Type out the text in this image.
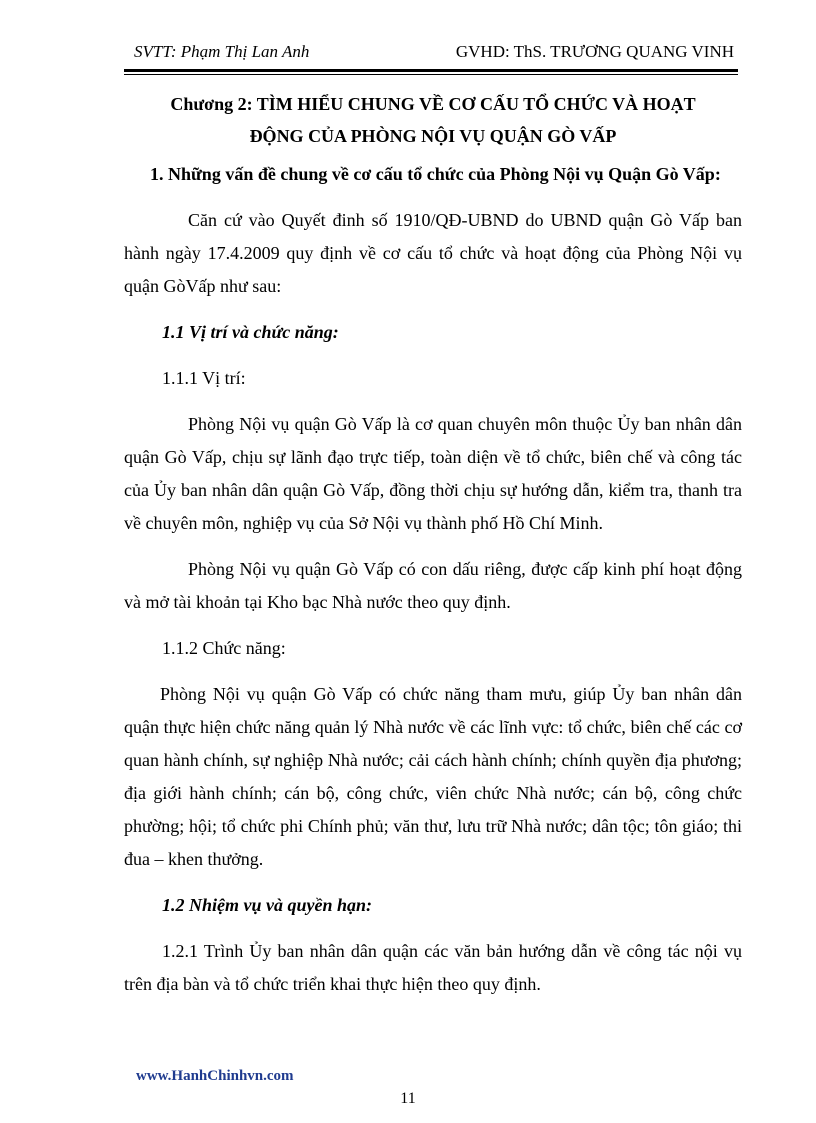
SVTT: Phạm Thị Lan Anh	GVHD: ThS. TRƯƠNG QUANG VINH
Chương 2: TÌM HIỂU CHUNG VỀ CƠ CẤU TỔ CHỨC VÀ HOẠT
ĐỘNG CỦA PHÒNG NỘI VỤ QUẬN GÒ VẤP

1. Những vấn đề chung về cơ cấu tổ chức của Phòng Nội vụ Quận Gò Vấp:

Căn cứ vào Quyết đinh số 1910/QĐ-UBND do UBND quận Gò Vấp ban hành ngày 17.4.2009 quy định về cơ cấu tổ chức và hoạt động của Phòng Nội vụ quận GòVấp như sau:

1.1 Vị trí và chức năng:

1.1.1 Vị trí:

Phòng Nội vụ quận Gò Vấp là cơ quan chuyên môn thuộc Ủy ban nhân dân quận Gò Vấp, chịu sự lãnh đạo trực tiếp, toàn diện về tổ chức, biên chế và công tác của Ủy ban nhân dân quận Gò Vấp, đồng thời chịu sự hướng dẫn, kiểm tra, thanh tra về chuyên môn, nghiệp vụ của Sở Nội vụ thành phố Hồ Chí Minh.

Phòng Nội vụ quận Gò Vấp có con dấu riêng, được cấp kinh phí hoạt động và mở tài khoản tại Kho bạc Nhà nước theo quy định.

1.1.2 Chức năng:

Phòng Nội vụ quận Gò Vấp có chức năng tham mưu, giúp Ủy ban nhân dân quận thực hiện chức năng quản lý Nhà nước về các lĩnh vực: tổ chức, biên chế các cơ quan hành chính, sự nghiệp Nhà nước; cải cách hành chính; chính quyền địa phương; địa giới hành chính; cán bộ, công chức, viên chức Nhà nước; cán bộ, công chức phường; hội; tổ chức phi Chính phủ; văn thư, lưu trữ Nhà nước; dân tộc; tôn giáo; thi đua – khen thưởng.

1.2 Nhiệm vụ và quyền hạn:

1.2.1 Trình Ủy ban nhân dân quận các văn bản hướng dẫn về công tác nội vụ trên địa bàn và tổ chức triển khai thực hiện theo quy định.

www.HanhChinhvn.com
11
